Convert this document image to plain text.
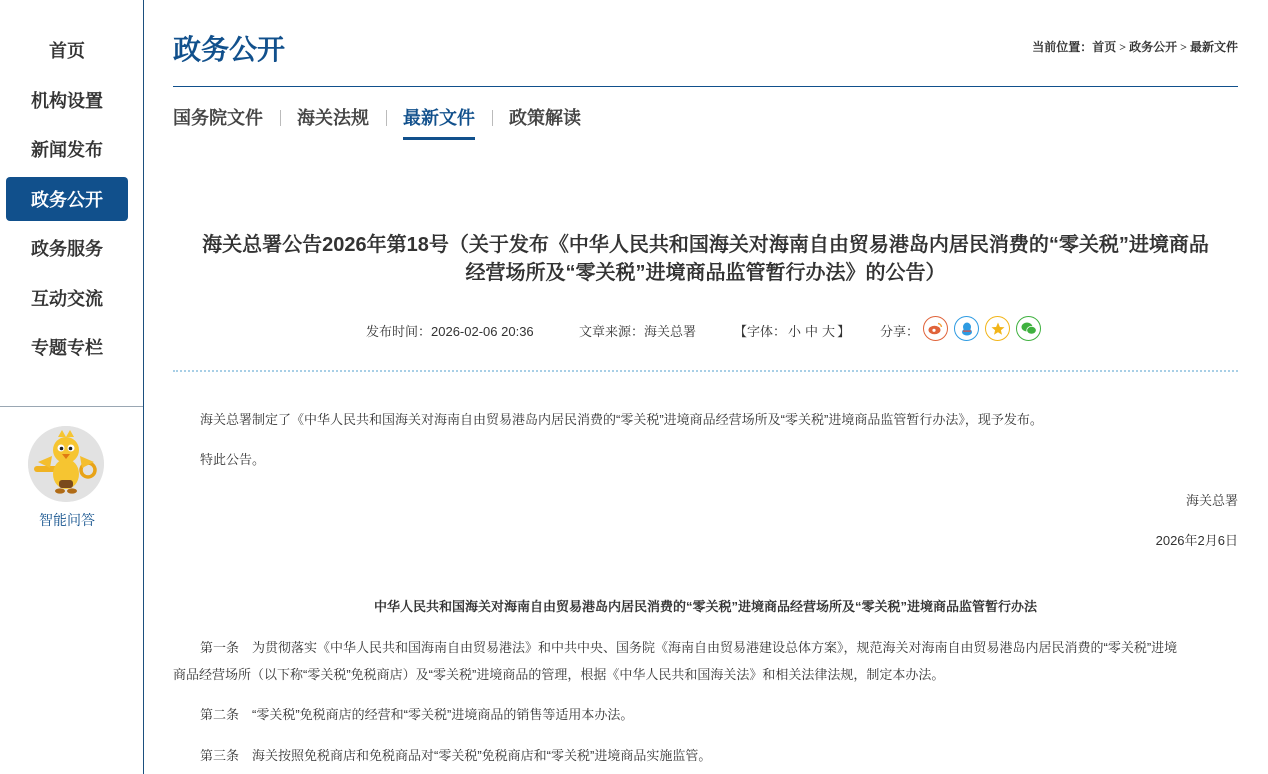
首页
机构设置
新闻发布
政务公开
政务服务
互动交流
专题专栏
智能问答
政务公开	当前位置：首页 > 政务公开 > 最新文件
国务院文件	海关法规	最新文件	政策解读
海关总署公告2026年第18号（关于发布《中华人民共和国海关对海南自由贸易港岛内居民消费的“零关税”进境商品
经营场所及“零关税”进境商品监管暂行办法》的公告）
发布时间：2026-02-06 20:36	文章来源：海关总署	【字体： 小 中 大 】 分享：
海关总署制定了《中华人民共和国海关对海南自由贸易港岛内居民消费的“零关税”进境商品经营场所及“零关税”进境商品监管暂行办法》，现予发布。
特此公告。
海关总署
2026年2月6日
中华人民共和国海关对海南自由贸易港岛内居民消费的“零关税”进境商品经营场所及“零关税”进境商品监管暂行办法
第一条　为贯彻落实《中华人民共和国海南自由贸易港法》和中共中央、国务院《海南自由贸易港建设总体方案》，规范海关对海南自由贸易港岛内居民消费的“零关税”进境
商品经营场所（以下称“零关税”免税商店）及“零关税”进境商品的管理，根据《中华人民共和国海关法》和相关法律法规，制定本办法。
第二条　“零关税”免税商店的经营和“零关税”进境商品的销售等适用本办法。
第三条　海关按照免税商店和免税商品对“零关税”免税商店和“零关税”进境商品实施监管。
